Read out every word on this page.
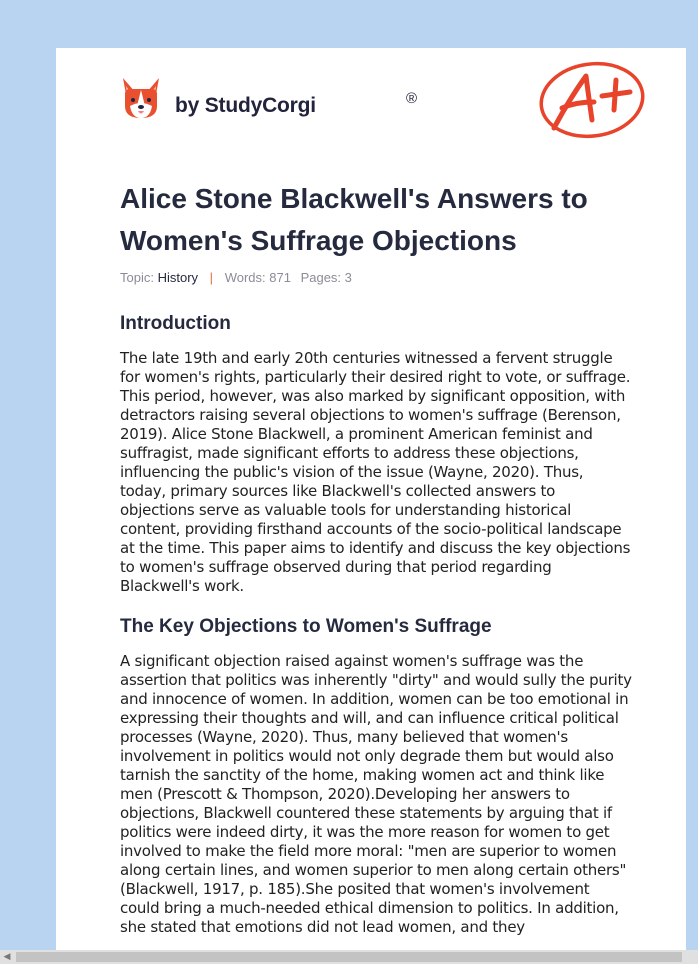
by StudyCorgi	®
Alice Stone Blackwell's Answers to Women's Suffrage Objections
Topic: History | Words: 871 Pages: 3
Introduction

The late 19th and early 20th centuries witnessed a fervent struggle for women's rights, particularly their desired right to vote, or suffrage. This period, however, was also marked by significant opposition, with detractors raising several objections to women's suffrage (Berenson, 2019). Alice Stone Blackwell, a prominent American feminist and suffragist, made significant efforts to address these objections, influencing the public's vision of the issue (Wayne, 2020). Thus, today, primary sources like Blackwell's collected answers to objections serve as valuable tools for understanding historical content, providing firsthand accounts of the socio-political landscape at the time. This paper aims to identify and discuss the key objections to women's suffrage observed during that period regarding Blackwell's work.

The Key Objections to Women's Suffrage

A significant objection raised against women's suffrage was the assertion that politics was inherently "dirty" and would sully the purity and innocence of women. In addition, women can be too emotional in expressing their thoughts and will, and can influence critical political processes (Wayne, 2020). Thus, many believed that women's involvement in politics would not only degrade them but would also tarnish the sanctity of the home, making women act and think like men (Prescott & Thompson, 2020).Developing her answers to objections, Blackwell countered these statements by arguing that if politics were indeed dirty, it was the more reason for women to get involved to make the field more moral: "men are superior to women along certain lines, and women superior to men along certain others" (Blackwell, 1917, p. 185).She posited that women's involvement could bring a much-needed ethical dimension to politics. In addition, she stated that emotions did not lead women, and they

◀
